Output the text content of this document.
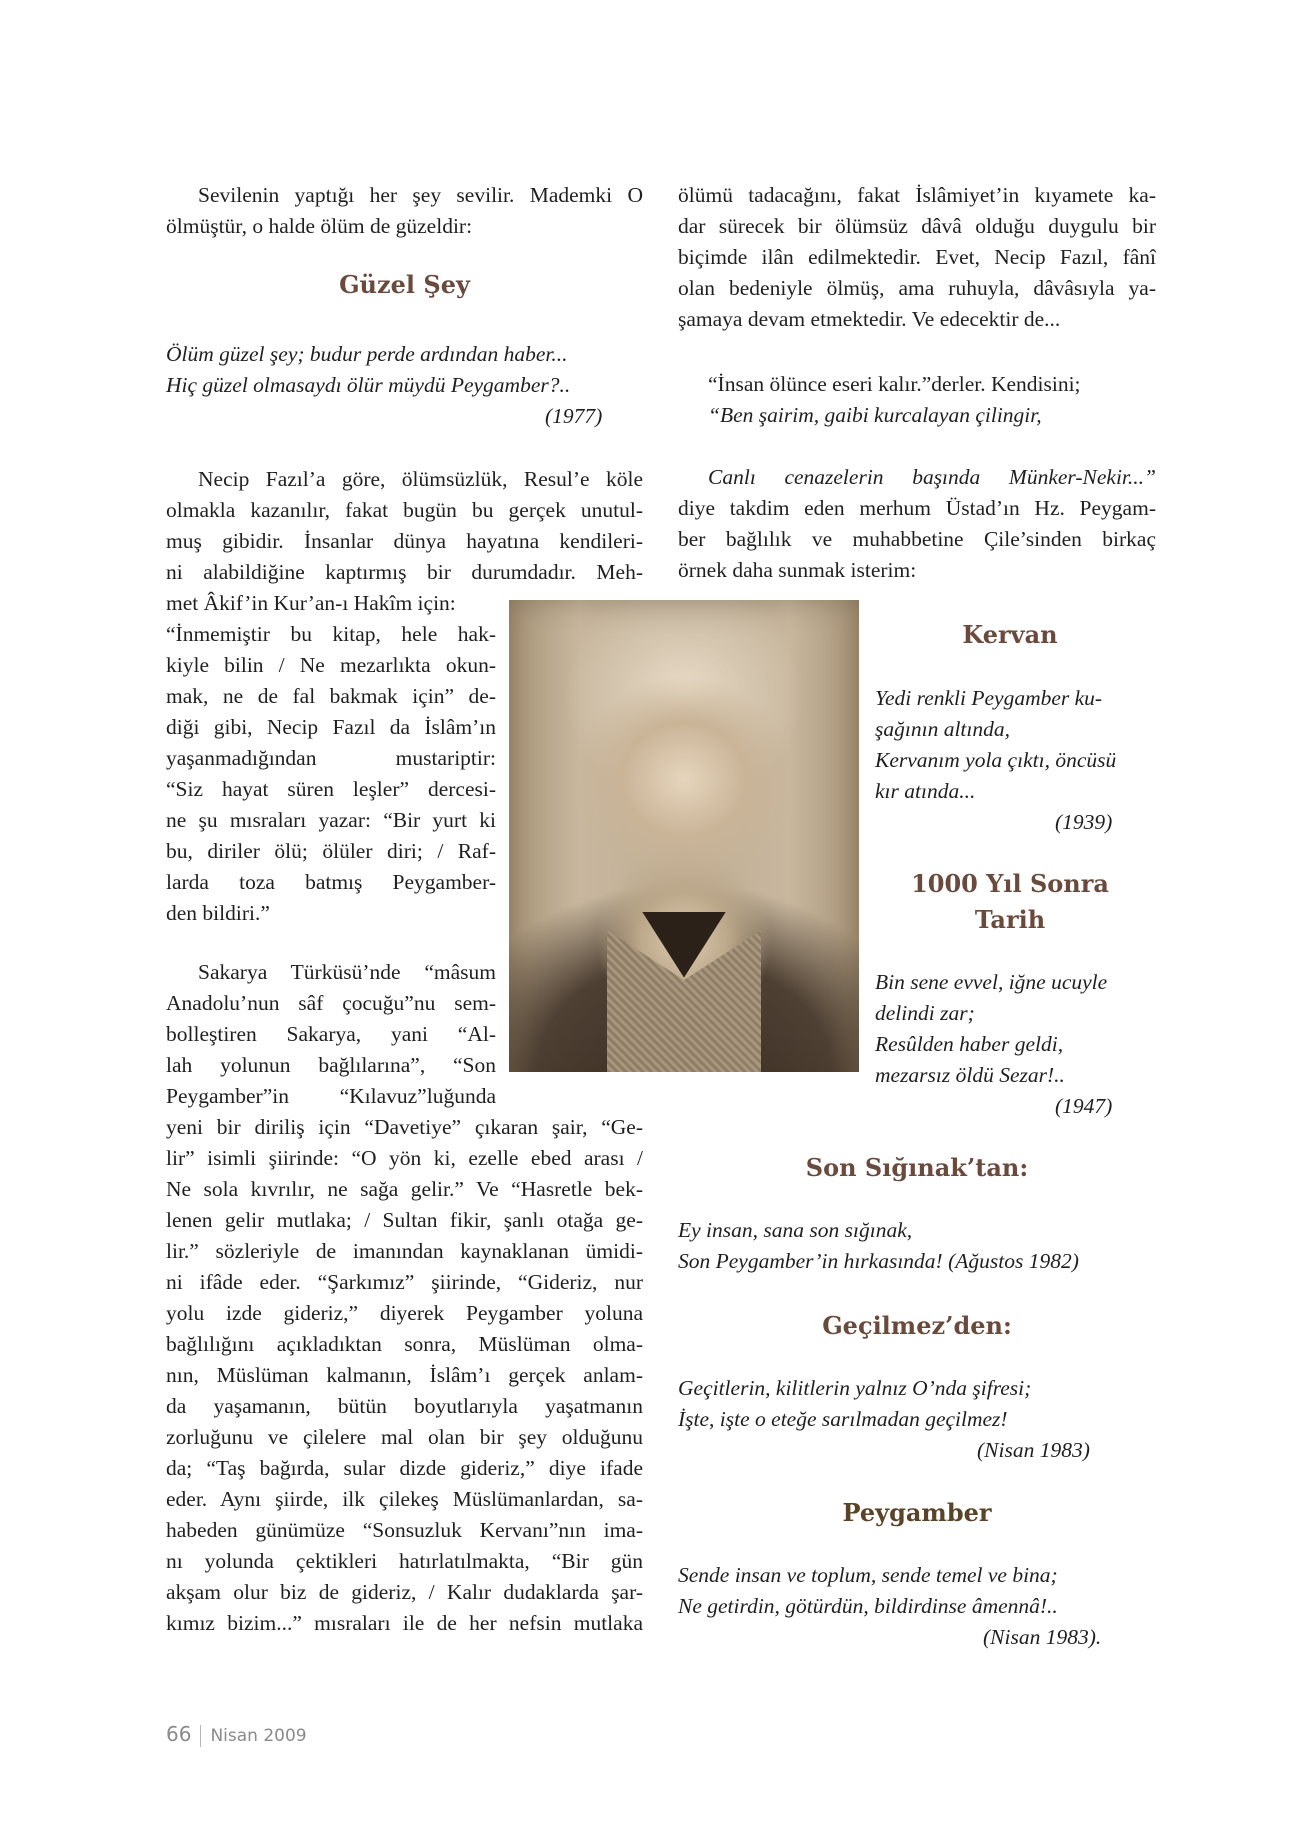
Sevilenin yaptığı her şey sevilir. Mademki O
ölmüştür, o halde ölüm de güzeldir:
Güzel Şey
Ölüm güzel şey; budur perde ardından haber...
Hiç güzel olmasaydı ölür müydü Peygamber?..
(1977)
“İnsan ölünce eseri kalır.”derler. Kendisini;
“Ben şairim, gaibi kurcalayan çilingir,
Canlı cenazelerin başında Münker-Nekir...”
66 Nisan 2009
Necip Fazıl’a göre, ölümsüzlük, Resul’e köle
olmakla kazanılır, fakat bugün bu gerçek unutul-
muş gibidir. İnsanlar dünya hayatına kendileri-
ni alabildiğine kaptırmış bir durumdadır. Meh-
met Âkif’in Kur’an-ı Hakîm için:
“İnmemiştir bu kitap, hele hak-
kiyle bilin / Ne mezarlıkta okun-
mak, ne de fal bakmak için” de-
diği gibi, Necip Fazıl da İslâm’ın
yaşanmadığından mustariptir:
“Siz hayat süren leşler” dercesi-
ne şu mısraları yazar: “Bir yurt ki
bu, diriler ölü; ölüler diri; / Raf-
larda toza batmış Peygamber-
den bildiri.”
Sakarya Türküsü’nde “mâsum
Anadolu’nun sâf çocuğu”nu sem-
bolleştiren Sakarya, yani “Al-
lah yolunun bağlılarına”, “Son
Peygamber”in “Kılavuz”luğunda
yeni bir diriliş için “Davetiye” çıkaran şair, “Ge-
lir” isimli şiirinde: “O yön ki, ezelle ebed arası /
Ne sola kıvrılır, ne sağa gelir.” Ve “Hasretle bek-
lenen gelir mutlaka; / Sultan fikir, şanlı otağa ge-
lir.” sözleriyle de imanından kaynaklanan ümidi-
ni ifâde eder. “Şarkımız” şiirinde, “Gideriz, nur
yolu izde gideriz,” diyerek Peygamber yoluna
bağlılığını açıkladıktan sonra, Müslüman olma-
nın, Müslüman kalmanın, İslâm’ı gerçek anlam-
da yaşamanın, bütün boyutlarıyla yaşatmanın
zorluğunu ve çilelere mal olan bir şey olduğunu
da; “Taş bağırda, sular dizde gideriz,” diye ifade
eder. Aynı şiirde, ilk çilekeş Müslümanlardan, sa-
habeden günümüze “Sonsuzluk Kervanı”nın ima-
nı yolunda çektikleri hatırlatılmakta, “Bir gün
akşam olur biz de gideriz, / Kalır dudaklarda şar-
kımız bizim...” mısraları ile de her nefsin mutlaka
ölümü tadacağını, fakat İslâmiyet’in kıyamete ka-
dar sürecek bir ölümsüz dâvâ olduğu duygulu bir
biçimde ilân edilmektedir. Evet, Necip Fazıl, fânî
olan bedeniyle ölmüş, ama ruhuyla, dâvâsıyla ya-
şamaya devam etmektedir. Ve edecektir de...
diye takdim eden merhum Üstad’ın Hz. Peygam-
ber bağlılık ve muhabbetine Çile’sinden birkaç
örnek daha sunmak isterim:
Kervan
Yedi renkli Peygamber ku-
şağının altında,
Kervanım yola çıktı, öncüsü
kır atında...
(1939)
1000 Yıl Sonra
Tarih
Bin sene evvel, iğne ucuyle
delindi zar;
Resûlden haber geldi,
mezarsız öldü Sezar!..
(1947)
Son Sığınak’tan:
Ey insan, sana son sığınak,
Son Peygamber’in hırkasında! (Ağustos 1982)
Geçilmez’den:
Geçitlerin, kilitlerin yalnız O’nda şifresi;
İşte, işte o eteğe sarılmadan geçilmez!
(Nisan 1983)
Peygamber
Sende insan ve toplum, sende temel ve bina;
Ne getirdin, götürdün, bildirdinse âmennâ!..
(Nisan 1983).
